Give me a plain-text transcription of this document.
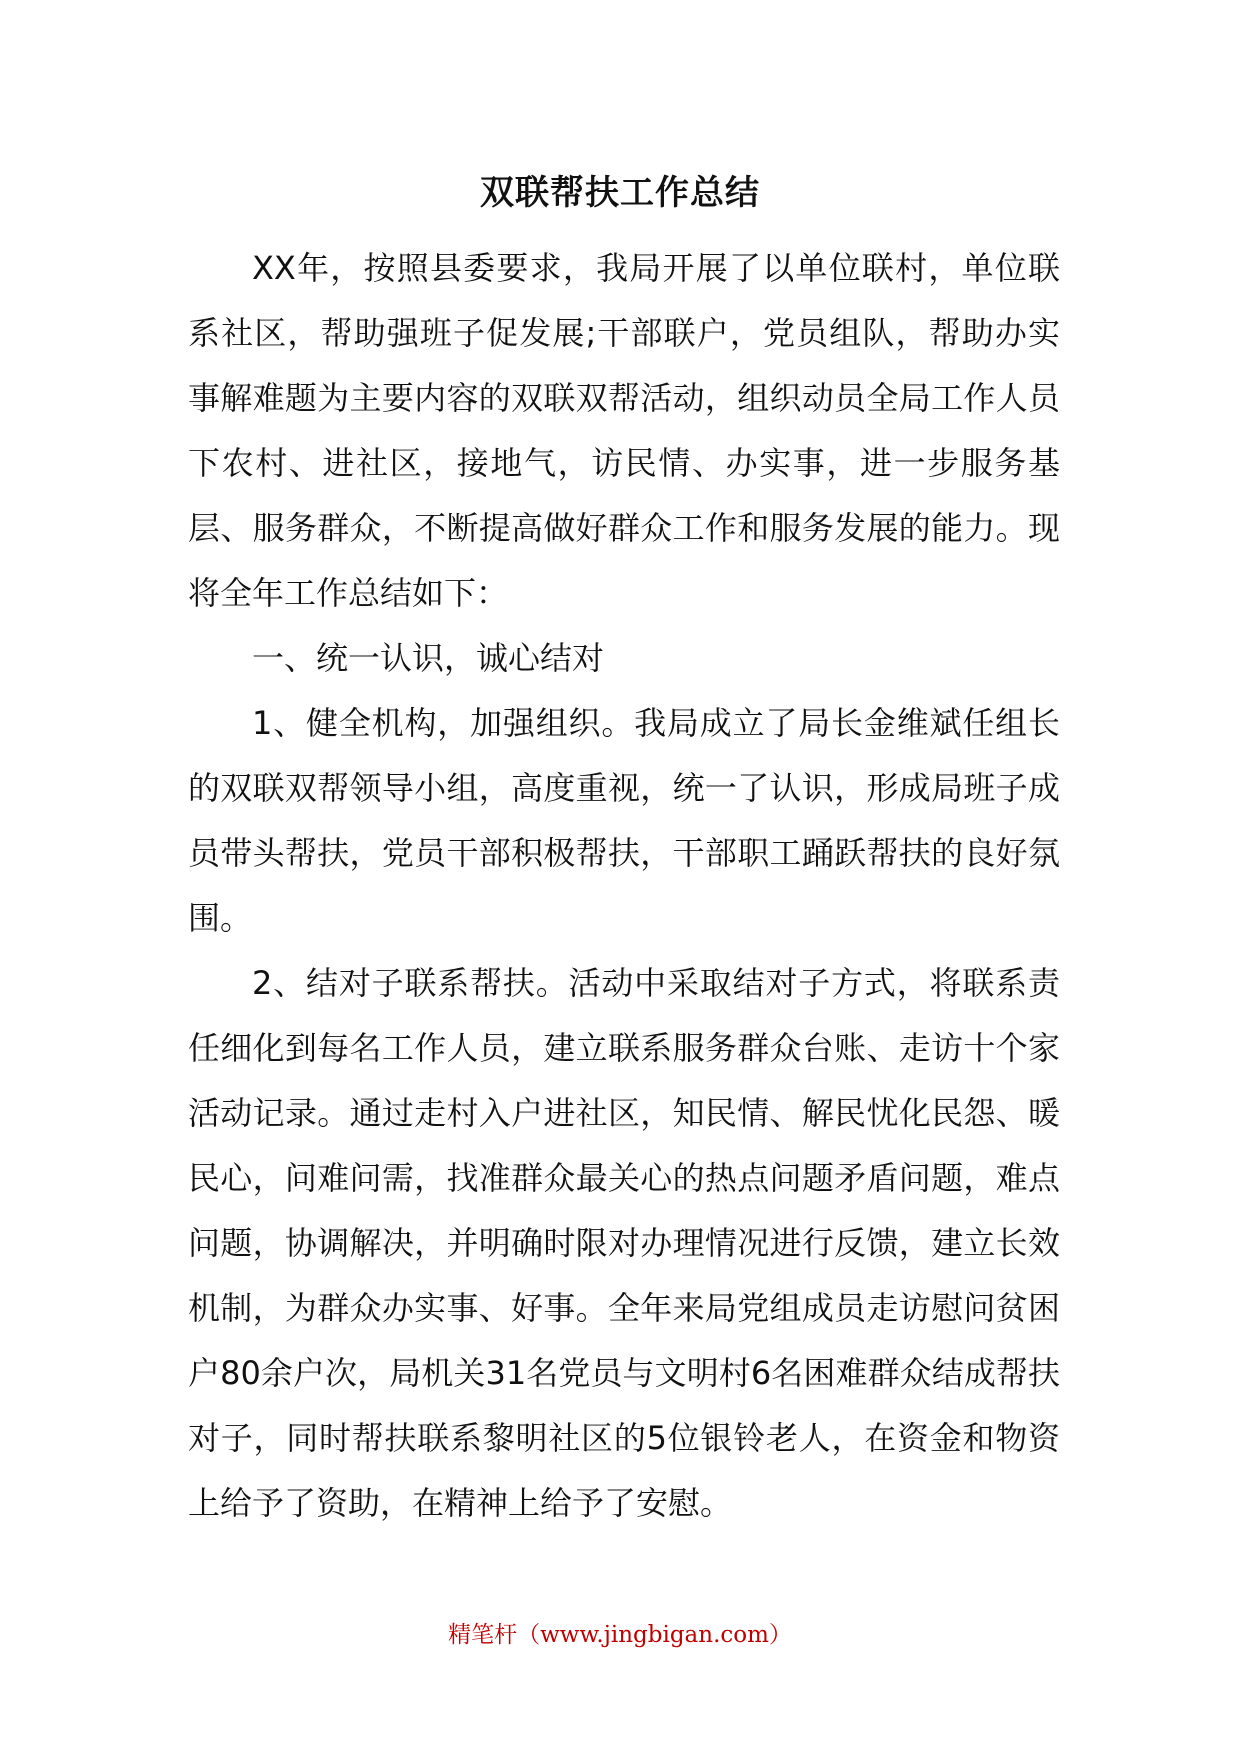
双联帮扶工作总结

XX年，按照县委要求，我局开展了以单位联村，单位联系社区，帮助强班子促发展;干部联户，党员组队，帮助办实事解难题为主要内容的双联双帮活动，组织动员全局工作人员下农村、进社区，接地气，访民情、办实事，进一步服务基层、服务群众，不断提高做好群众工作和服务发展的能力。现将全年工作总结如下：

一、统一认识，诚心结对

1、健全机构，加强组织。我局成立了局长金维斌任组长的双联双帮领导小组，高度重视，统一了认识，形成局班子成员带头帮扶，党员干部积极帮扶，干部职工踊跃帮扶的良好氛围。

2、结对子联系帮扶。活动中采取结对子方式，将联系责任细化到每名工作人员，建立联系服务群众台账、走访十个家活动记录。通过走村入户进社区，知民情、解民忧化民怨、暖民心，问难问需，找准群众最关心的热点问题矛盾问题，难点问题，协调解决，并明确时限对办理情况进行反馈，建立长效机制，为群众办实事、好事。全年来局党组成员走访慰问贫困户80余户次，局机关31名党员与文明村6名困难群众结成帮扶对子，同时帮扶联系黎明社区的5位银铃老人，在资金和物资上给予了资助，在精神上给予了安慰。

精笔杆（www.jingbigan.com）
